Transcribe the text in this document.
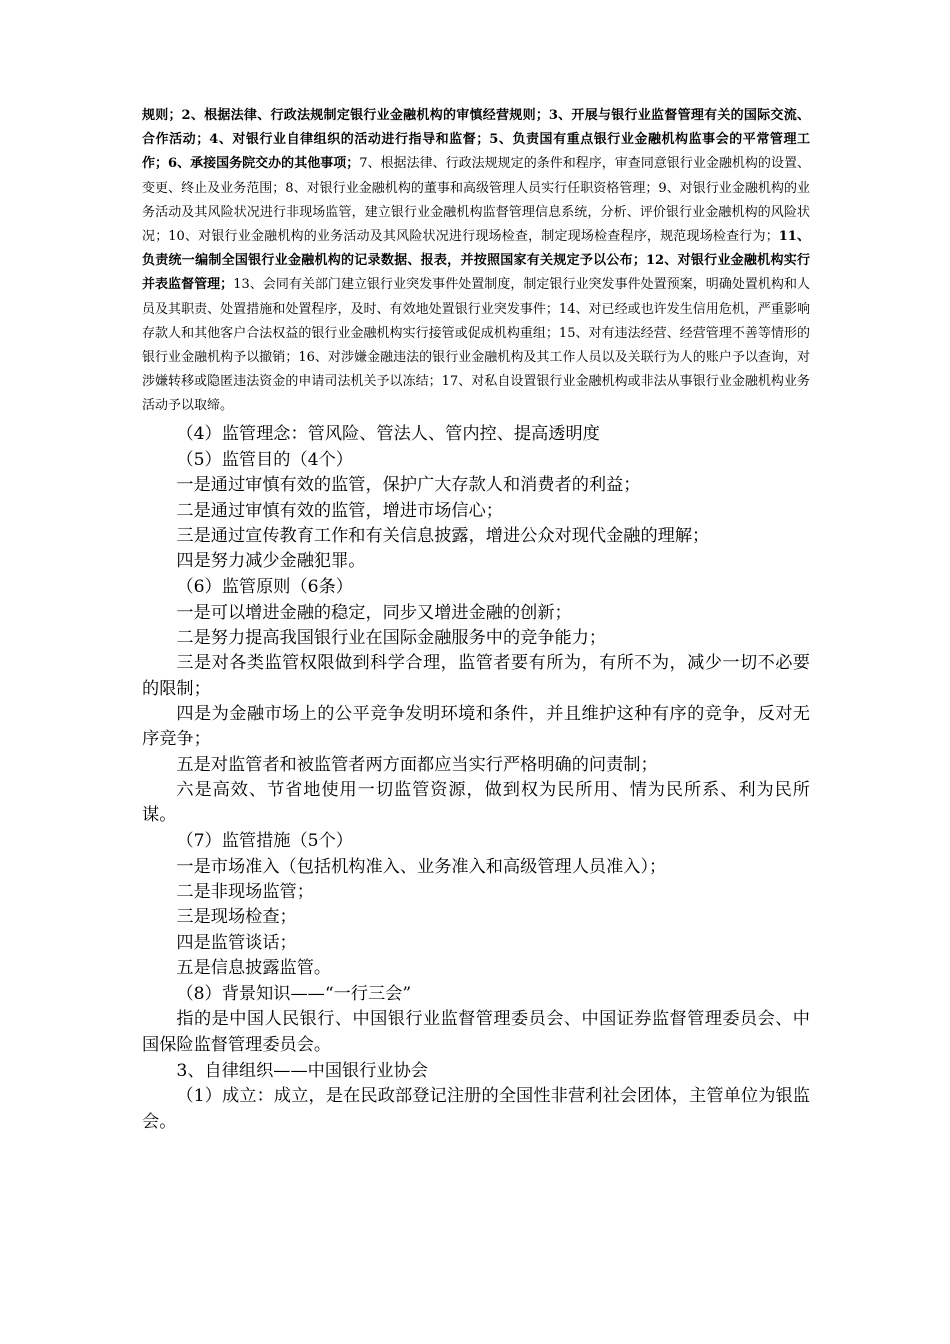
规则；2、根据法律、行政法规制定银行业金融机构的审慎经营规则；3、开展与银行业监督管理有关的国际交流、合作活动；4、对银行业自律组织的活动进行指导和监督；5、负责国有重点银行业金融机构监事会的平常管理工作；6、承接国务院交办的其他事项；7、根据法律、行政法规规定的条件和程序，审查同意银行业金融机构的设置、变更、终止及业务范围；8、对银行业金融机构的董事和高级管理人员实行任职资格管理；9、对银行业金融机构的业务活动及其风险状况进行非现场监管，建立银行业金融机构监督管理信息系统，分析、评价银行业金融机构的风险状况；10、对银行业金融机构的业务活动及其风险状况进行现场检查，制定现场检查程序，规范现场检查行为；11、负责统一编制全国银行业金融机构的记录数据、报表，并按照国家有关规定予以公布；12、对银行业金融机构实行并表监督管理；13、会同有关部门建立银行业突发事件处置制度，制定银行业突发事件处置预案，明确处置机构和人员及其职责、处置措施和处置程序，及时、有效地处置银行业突发事件；14、对已经或也许发生信用危机，严重影响存款人和其他客户合法权益的银行业金融机构实行接管或促成机构重组；15、对有违法经营、经营管理不善等情形的银行业金融机构予以撤销；16、对涉嫌金融违法的银行业金融机构及其工作人员以及关联行为人的账户予以查询，对涉嫌转移或隐匿违法资金的申请司法机关予以冻结；17、对私自设置银行业金融机构或非法从事银行业金融机构业务活动予以取缔。

（4）监管理念：管风险、管法人、管内控、提高透明度

（5）监管目的（4个）

一是通过审慎有效的监管，保护广大存款人和消费者的利益；

二是通过审慎有效的监管，增进市场信心；

三是通过宣传教育工作和有关信息披露，增进公众对现代金融的理解；

四是努力减少金融犯罪。

（6）监管原则（6条）

一是可以增进金融的稳定，同步又增进金融的创新；

二是努力提高我国银行业在国际金融服务中的竞争能力；

三是对各类监管权限做到科学合理，监管者要有所为，有所不为，减少一切不必要的限制；

四是为金融市场上的公平竞争发明环境和条件，并且维护这种有序的竞争，反对无序竞争；

五是对监管者和被监管者两方面都应当实行严格明确的问责制；

六是高效、节省地使用一切监管资源，做到权为民所用、情为民所系、利为民所谋。

（7）监管措施（5个）

一是市场准入（包括机构准入、业务准入和高级管理人员准入）；

二是非现场监管；

三是现场检查；

四是监管谈话；

五是信息披露监管。

（8）背景知识——“一行三会”

指的是中国人民银行、中国银行业监督管理委员会、中国证券监督管理委员会、中国保险监督管理委员会。

3、自律组织——中国银行业协会

（1）成立：成立，是在民政部登记注册的全国性非营利社会团体，主管单位为银监会。
